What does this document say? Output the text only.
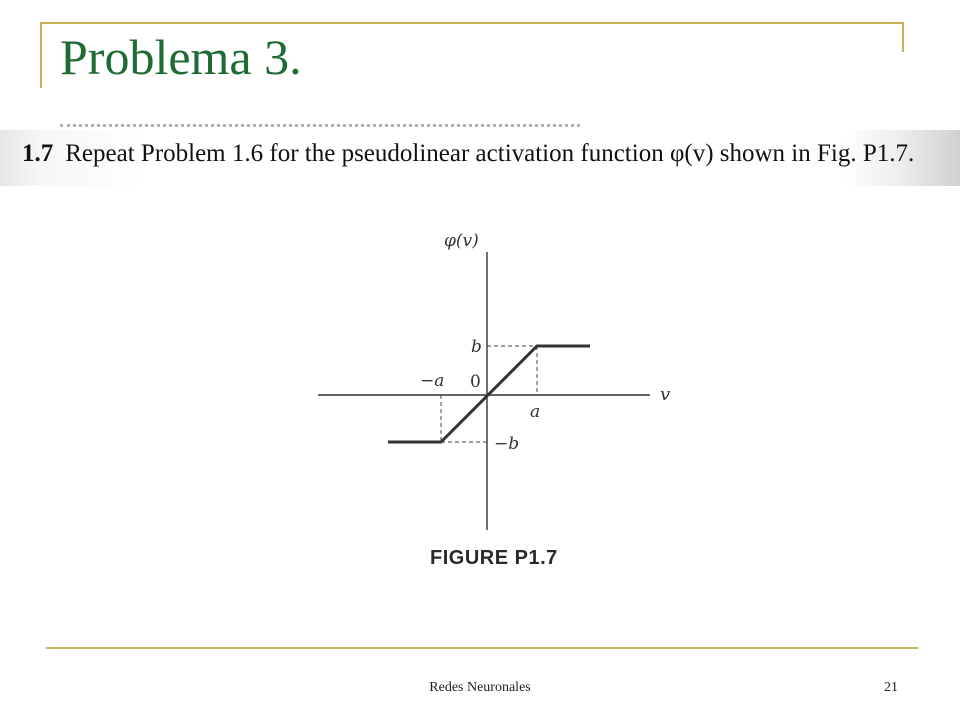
Problema 3.
1.7 Repeat Problem 1.6 for the pseudolinear activation function φ(v) shown in Fig. P1.7.
φ(v)
v
b
−a 0
a
−b
FIGURE P1.7
Redes Neuronales	21
